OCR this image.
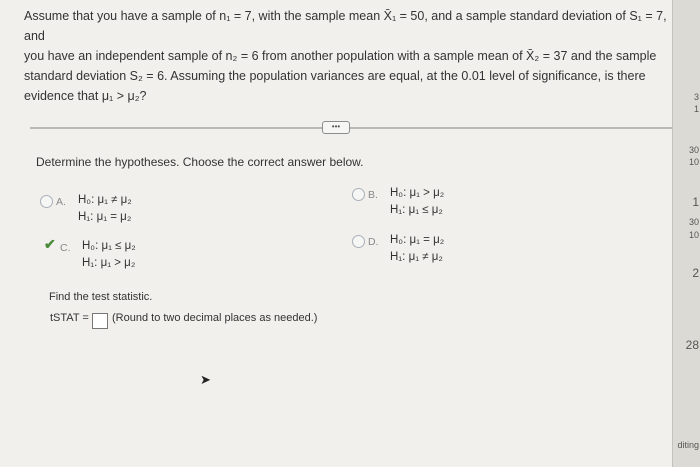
Assume that you have a sample of n₁ = 7, with the sample mean X̄₁ = 50, and a sample standard deviation of S₁ = 7, and

you have an independent sample of n₂ = 6 from another population with a sample mean of X̄₂ = 37 and the sample

standard deviation S₂ = 6. Assuming the population variances are equal, at the 0.01 level of significance, is there

evidence that μ₁ > μ₂?

•••
Determine the hypotheses. Choose the correct answer below.
A. H₀: μ₁ ≠ μ₂
H₁: μ₁ = μ₂
B. H₀: μ₁ > μ₂
H₁: μ₁ ≤ μ₂
✔ C. H₀: μ₁ ≤ μ₂
H₁: μ₁ > μ₂
D. H₀: μ₁ = μ₂
H₁: μ₁ ≠ μ₂
Find the test statistic.
tSTAT = (Round to two decimal places as needed.)
➤
3
1
30
10
1
30
10
2
28
diting
